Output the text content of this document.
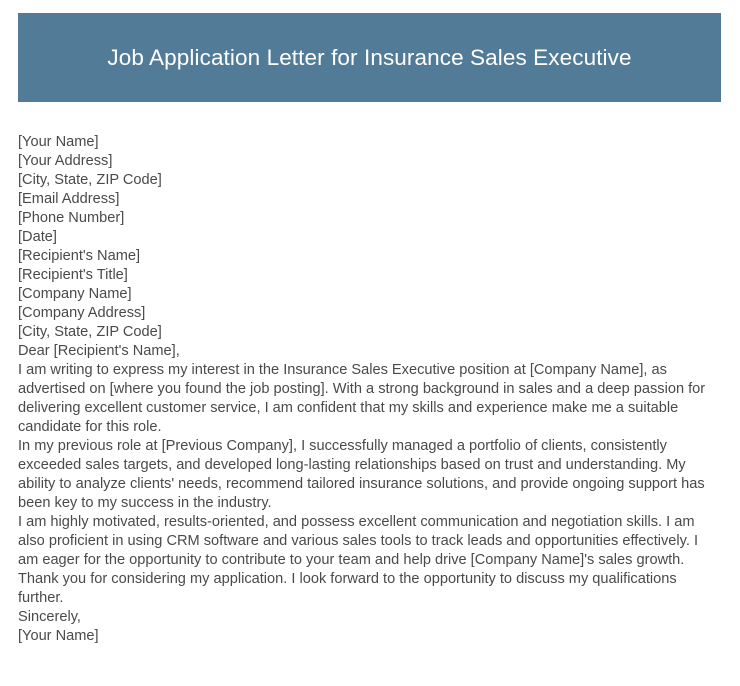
Job Application Letter for Insurance Sales Executive
[Your Name]
[Your Address]
[City, State, ZIP Code]
[Email Address]
[Phone Number]
[Date]
[Recipient's Name]
[Recipient's Title]
[Company Name]
[Company Address]
[City, State, ZIP Code]
Dear [Recipient's Name],

I am writing to express my interest in the Insurance Sales Executive position at [Company Name], as advertised on [where you found the job posting]. With a strong background in sales and a deep passion for delivering excellent customer service, I am confident that my skills and experience make me a suitable candidate for this role.

In my previous role at [Previous Company], I successfully managed a portfolio of clients, consistently exceeded sales targets, and developed long-lasting relationships based on trust and understanding. My ability to analyze clients' needs, recommend tailored insurance solutions, and provide ongoing support has been key to my success in the industry.

I am highly motivated, results-oriented, and possess excellent communication and negotiation skills. I am also proficient in using CRM software and various sales tools to track leads and opportunities effectively. I am eager for the opportunity to contribute to your team and help drive [Company Name]'s sales growth.

Thank you for considering my application. I look forward to the opportunity to discuss my qualifications further.

Sincerely,
[Your Name]
